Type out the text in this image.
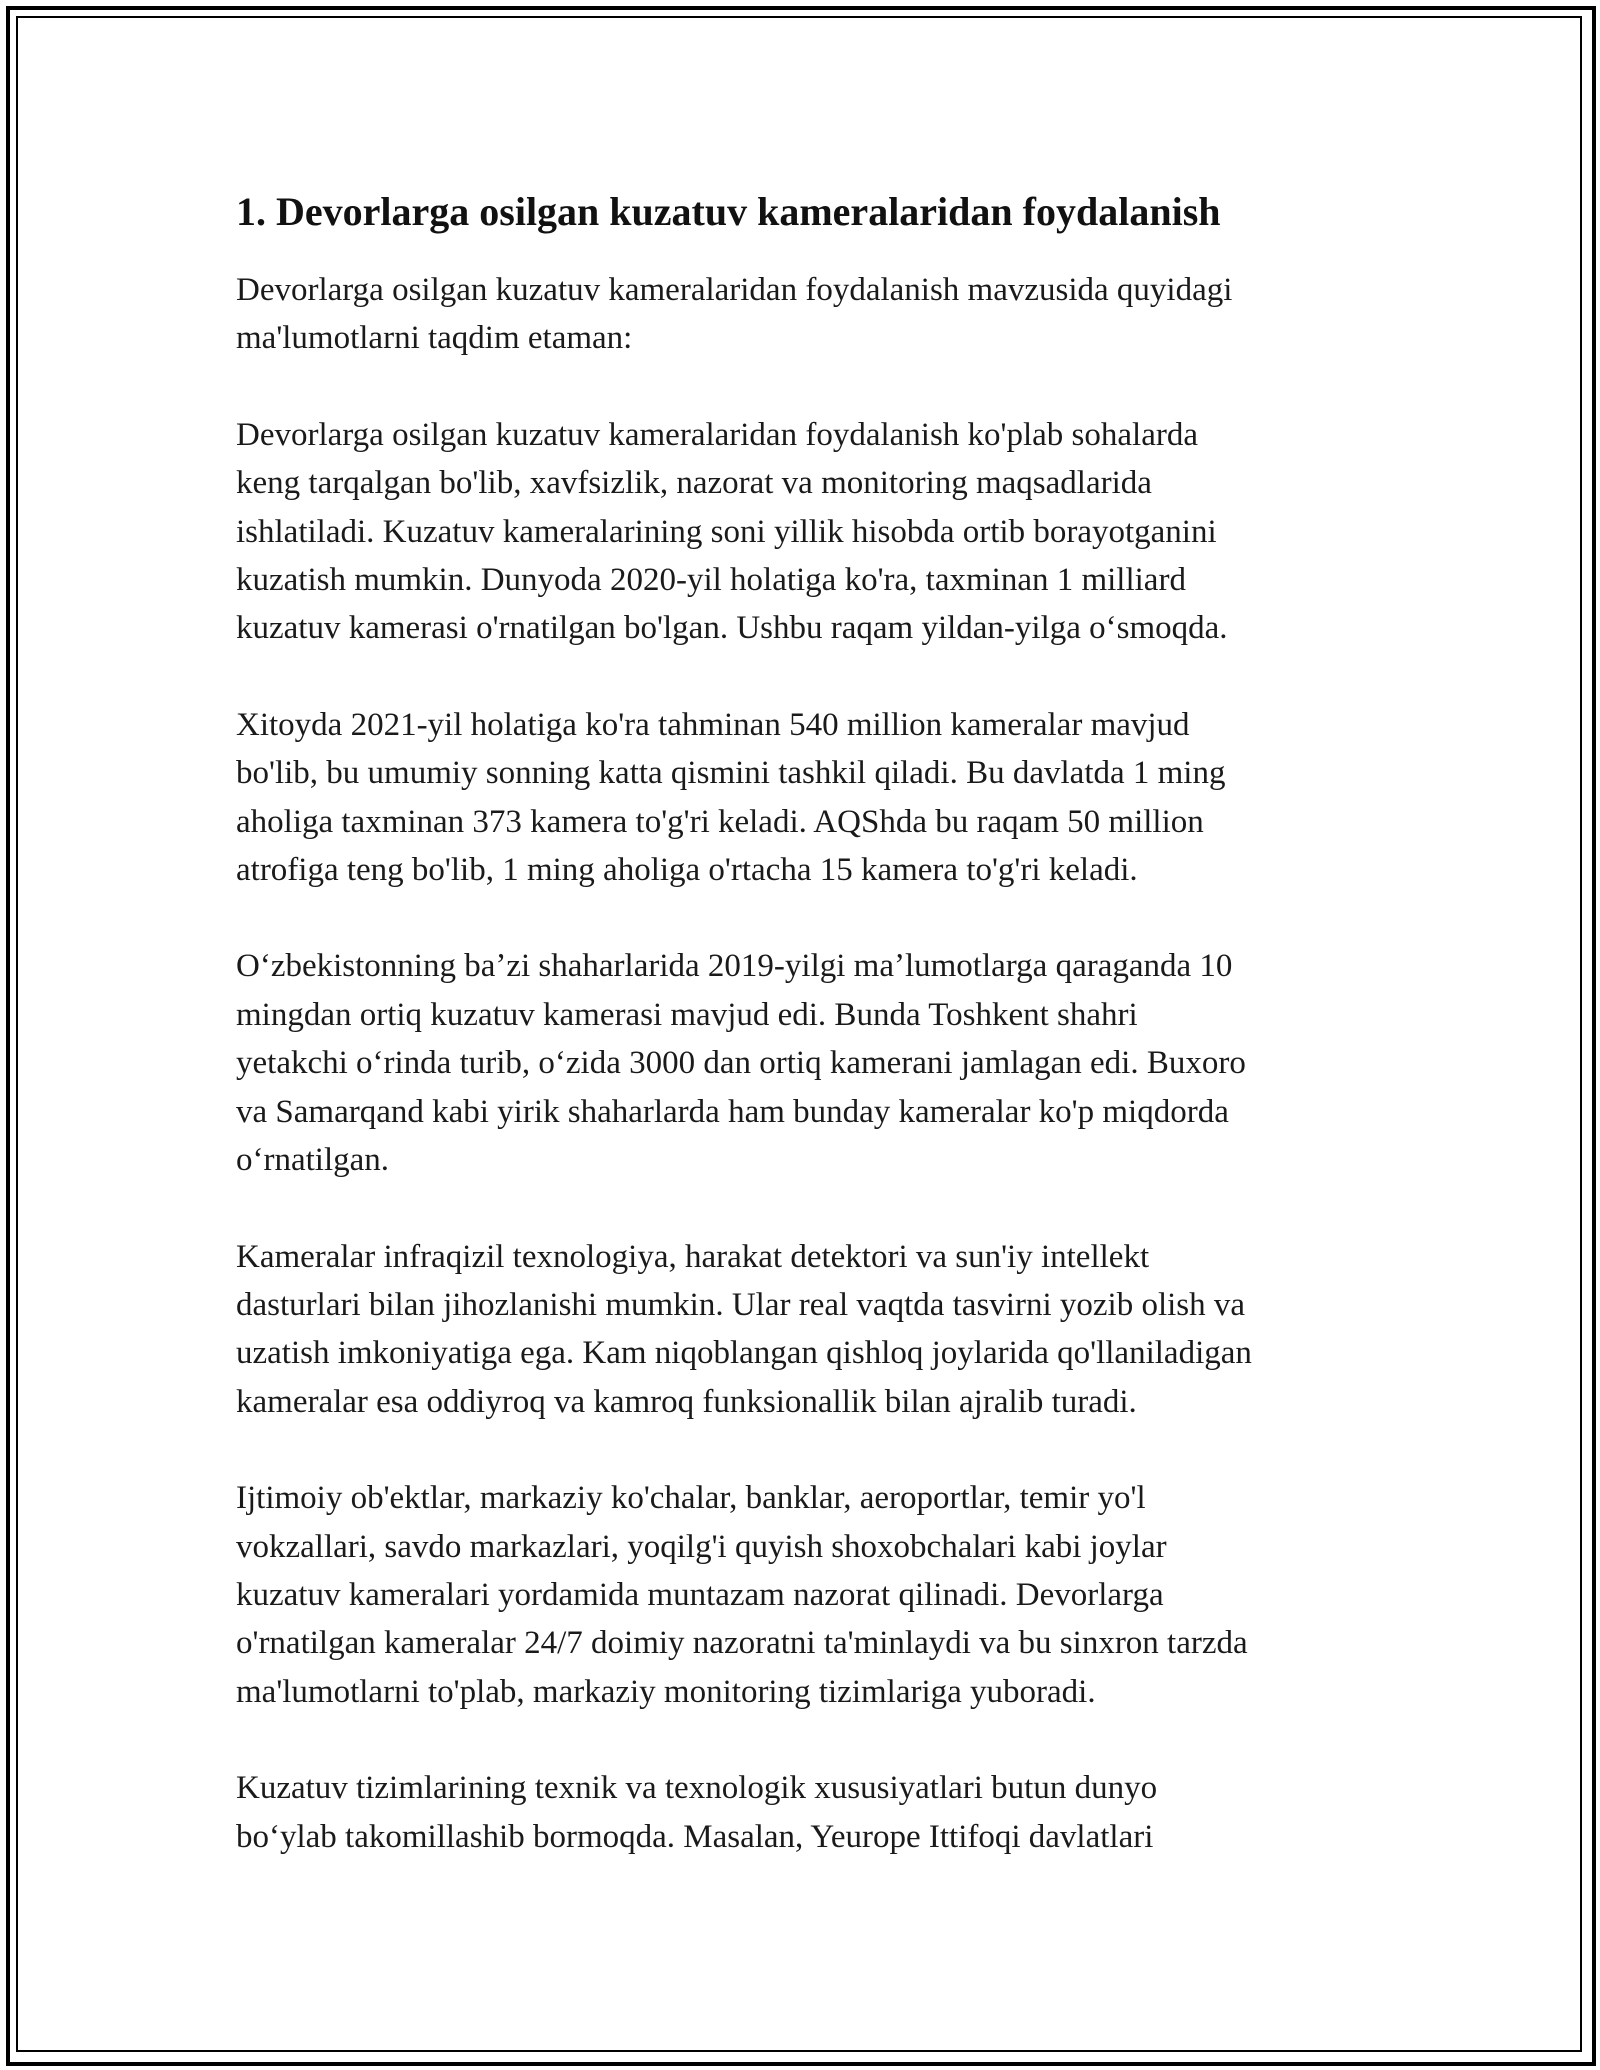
1. Devorlarga osilgan kuzatuv kameralaridan foydalanish

Devorlarga osilgan kuzatuv kameralaridan foydalanish mavzusida quyidagi
ma'lumotlarni taqdim etaman:

Devorlarga osilgan kuzatuv kameralaridan foydalanish ko'plab sohalarda
keng tarqalgan bo'lib, xavfsizlik, nazorat va monitoring maqsadlarida
ishlatiladi. Kuzatuv kameralarining soni yillik hisobda ortib borayotganini
kuzatish mumkin. Dunyoda 2020-yil holatiga ko'ra, taxminan 1 milliard
kuzatuv kamerasi o'rnatilgan bo'lgan. Ushbu raqam yildan-yilga oʻsmoqda.

Xitoyda 2021-yil holatiga ko'ra tahminan 540 million kameralar mavjud
bo'lib, bu umumiy sonning katta qismini tashkil qiladi. Bu davlatda 1 ming
aholiga taxminan 373 kamera to'g'ri keladi. AQShda bu raqam 50 million
atrofiga teng bo'lib, 1 ming aholiga o'rtacha 15 kamera to'g'ri keladi.

Oʻzbekistonning baʼzi shaharlarida 2019-yilgi maʼlumotlarga qaraganda 10
mingdan ortiq kuzatuv kamerasi mavjud edi. Bunda Toshkent shahri
yetakchi oʻrinda turib, oʻzida 3000 dan ortiq kamerani jamlagan edi. Buxoro
va Samarqand kabi yirik shaharlarda ham bunday kameralar ko'p miqdorda
oʻrnatilgan.

Kameralar infraqizil texnologiya, harakat detektori va sun'iy intellekt
dasturlari bilan jihozlanishi mumkin. Ular real vaqtda tasvirni yozib olish va
uzatish imkoniyatiga ega. Kam niqoblangan qishloq joylarida qo'llaniladigan
kameralar esa oddiyroq va kamroq funksionallik bilan ajralib turadi.

Ijtimoiy ob'ektlar, markaziy ko'chalar, banklar, aeroportlar, temir yo'l
vokzallari, savdo markazlari, yoqilg'i quyish shoxobchalari kabi joylar
kuzatuv kameralari yordamida muntazam nazorat qilinadi. Devorlarga
o'rnatilgan kameralar 24/7 doimiy nazoratni ta'minlaydi va bu sinxron tarzda
ma'lumotlarni to'plab, markaziy monitoring tizimlariga yuboradi.

Kuzatuv tizimlarining texnik va texnologik xususiyatlari butun dunyo
boʻylab takomillashib bormoqda. Masalan, Yeurope Ittifoqi davlatlari
